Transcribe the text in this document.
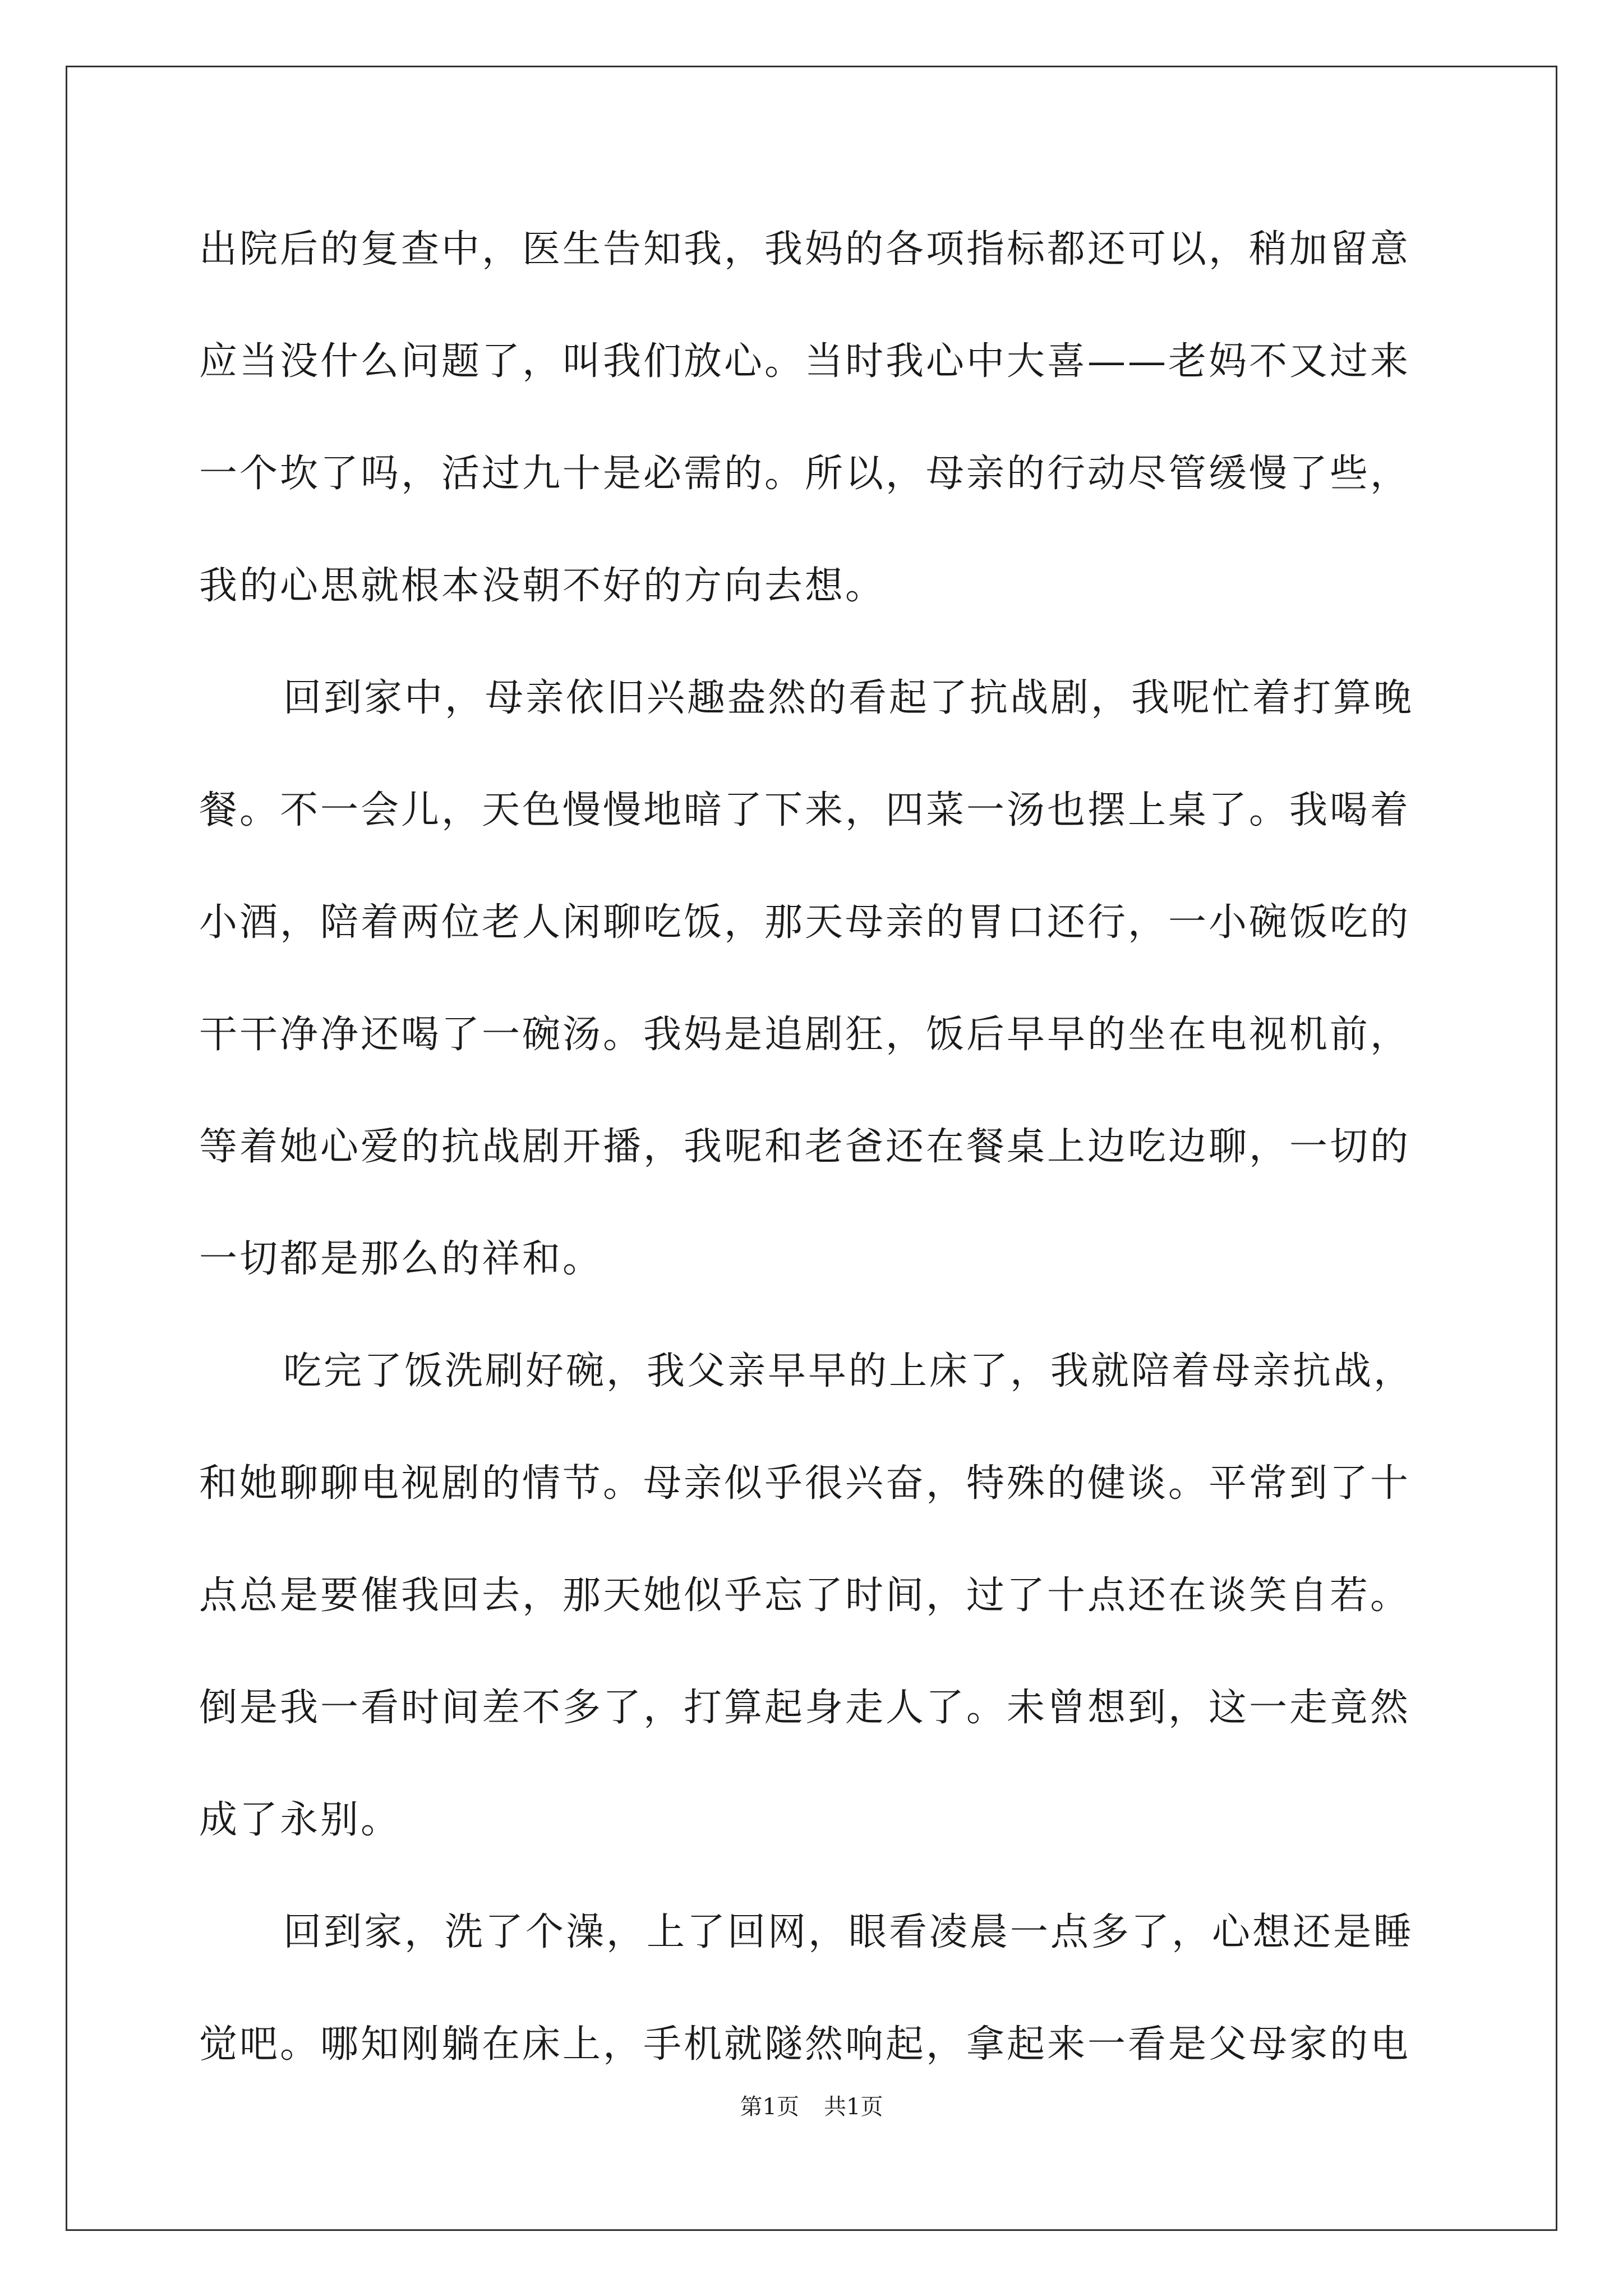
出院后的复查中，医生告知我，我妈的各项指标都还可以，稍加留意
应当没什么问题了，叫我们放心。当时我心中大喜——老妈不又过来
一个坎了吗，活过九十是必需的。所以，母亲的行动尽管缓慢了些，
我的心思就根本没朝不好的方向去想。
回到家中，母亲依旧兴趣盎然的看起了抗战剧，我呢忙着打算晚
餐。不一会儿，天色慢慢地暗了下来，四菜一汤也摆上桌了。我喝着
小酒，陪着两位老人闲聊吃饭，那天母亲的胃口还行，一小碗饭吃的
干干净净还喝了一碗汤。我妈是追剧狂，饭后早早的坐在电视机前，
等着她心爱的抗战剧开播，我呢和老爸还在餐桌上边吃边聊，一切的
一切都是那么的祥和。
吃完了饭洗刷好碗，我父亲早早的上床了，我就陪着母亲抗战，
和她聊聊电视剧的情节。母亲似乎很兴奋，特殊的健谈。平常到了十
点总是要催我回去，那天她似乎忘了时间，过了十点还在谈笑自若。
倒是我一看时间差不多了，打算起身走人了。未曾想到，这一走竟然
成了永别。
回到家，洗了个澡，上了回网，眼看凌晨一点多了，心想还是睡
觉吧。哪知刚躺在床上，手机就隧然响起，拿起来一看是父母家的电
第1页 共1页
